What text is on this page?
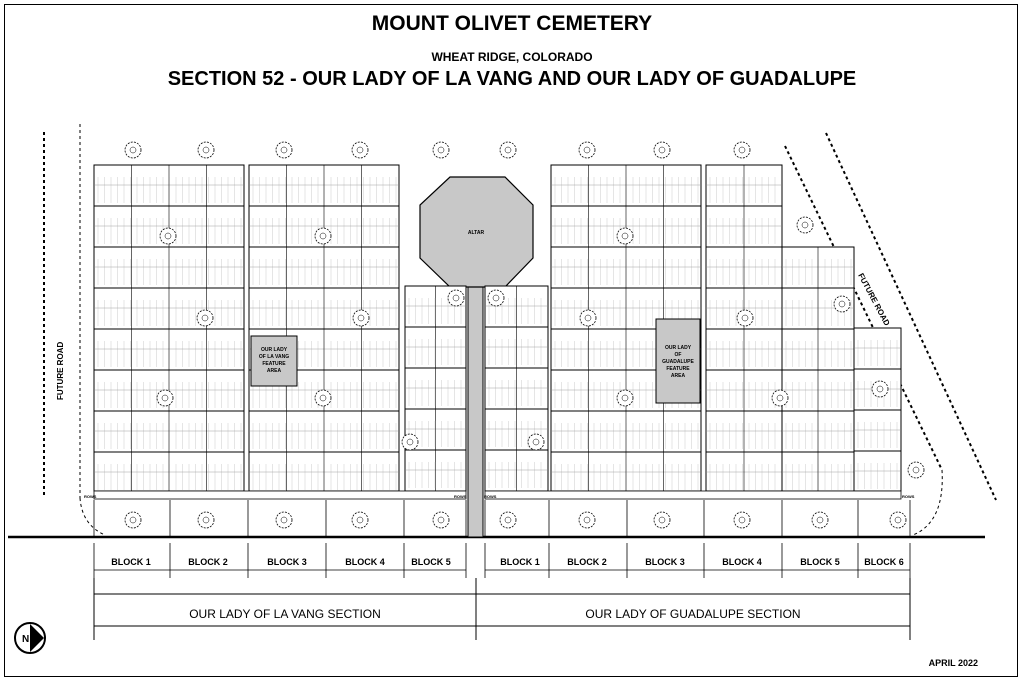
MOUNT OLIVET CEMETERY
WHEAT RIDGE, COLORADO
SECTION 52 - OUR LADY OF LA VANG AND OUR LADY OF GUADALUPE
FUTURE ROAD
FUTURE ROAD
ALTAR
OUR LADY
OF LA VANG
FEATURE
AREA
OUR LADY
OF
GUADALUPE
FEATURE
AREA
ROWS	ROWS	ROWS	ROWS
BLOCK 1	BLOCK 2	BLOCK 3	BLOCK 4	BLOCK 5	BLOCK 1	BLOCK 2	BLOCK 3	BLOCK 4	BLOCK 5	BLOCK 6
OUR LADY OF LA VANG SECTION	OUR LADY OF GUADALUPE SECTION
N
APRIL 2022
